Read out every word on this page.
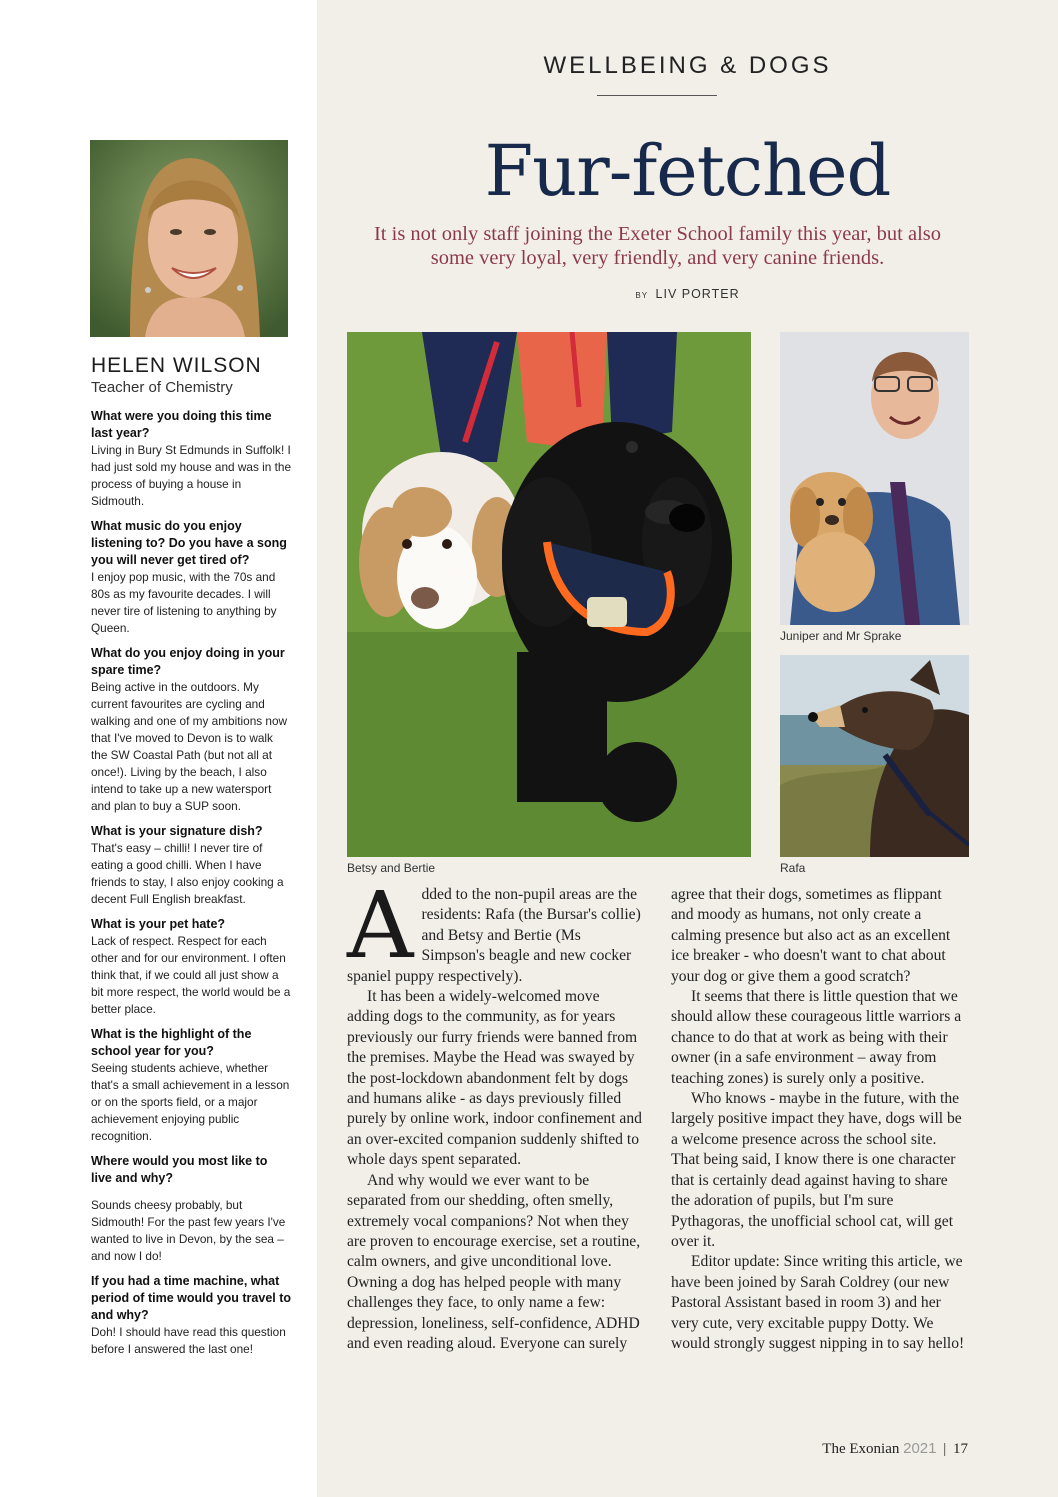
HELEN WILSON
Teacher of Chemistry
What were you doing this time last year?
Living in Bury St Edmunds in Suffolk! I had just sold my house and was in the process of buying a house in Sidmouth.
What music do you enjoy listening to? Do you have a song you will never get tired of?
I enjoy pop music, with the 70s and 80s as my favourite decades. I will never tire of listening to anything by Queen.
What do you enjoy doing in your spare time?
Being active in the outdoors. My current favourites are cycling and walking and one of my ambitions now that I've moved to Devon is to walk the SW Coastal Path (but not all at once!). Living by the beach, I also intend to take up a new watersport and plan to buy a SUP soon.
What is your signature dish?
That's easy – chilli! I never tire of eating a good chilli. When I have friends to stay, I also enjoy cooking a decent Full English breakfast.
What is your pet hate?
Lack of respect. Respect for each other and for our environment. I often think that, if we could all just show a bit more respect, the world would be a better place.
What is the highlight of the school year for you?
Seeing students achieve, whether that's a small achievement in a lesson or on the sports field, or a major achievement enjoying public recognition.
Where would you most like to live and why?
Sounds cheesy probably, but Sidmouth! For the past few years I've wanted to live in Devon, by the sea – and now I do!
If you had a time machine, what period of time would you travel to and why?
Doh! I should have read this question before I answered the last one!
WELLBEING & DOGS
Fur-fetched
It is not only staff joining the Exeter School family this year, but also some very loyal, very friendly, and very canine friends.
BY LIV PORTER
Betsy and Bertie
Juniper and Mr Sprake
Rafa

Added to the non-pupil areas are the residents: Rafa (the Bursar's collie) and Betsy and Bertie (Ms Simpson's beagle and new cocker spaniel puppy respectively).

It has been a widely-welcomed move adding dogs to the community, as for years previously our furry friends were banned from the premises. Maybe the Head was swayed by the post-lockdown abandonment felt by dogs and humans alike - as days previously filled purely by online work, indoor confinement and an over-excited companion suddenly shifted to whole days spent separated.

And why would we ever want to be separated from our shedding, often smelly, extremely vocal companions? Not when they are proven to encourage exercise, set a routine, calm owners, and give unconditional love. Owning a dog has helped people with many challenges they face, to only name a few: depression, loneliness, self-confidence, ADHD and even reading aloud. Everyone can surely

agree that their dogs, sometimes as flippant and moody as humans, not only create a calming presence but also act as an excellent ice breaker - who doesn't want to chat about your dog or give them a good scratch?

It seems that there is little question that we should allow these courageous little warriors a chance to do that at work as being with their owner (in a safe environment – away from teaching zones) is surely only a positive.

Who knows - maybe in the future, with the largely positive impact they have, dogs will be a welcome presence across the school site. That being said, I know there is one character that is certainly dead against having to share the adoration of pupils, but I'm sure Pythagoras, the unofficial school cat, will get over it.

Editor update: Since writing this article, we have been joined by Sarah Coldrey (our new Pastoral Assistant based in room 3) and her very cute, very excitable puppy Dotty. We would strongly suggest nipping in to say hello!

The Exonian 2021 | 17
